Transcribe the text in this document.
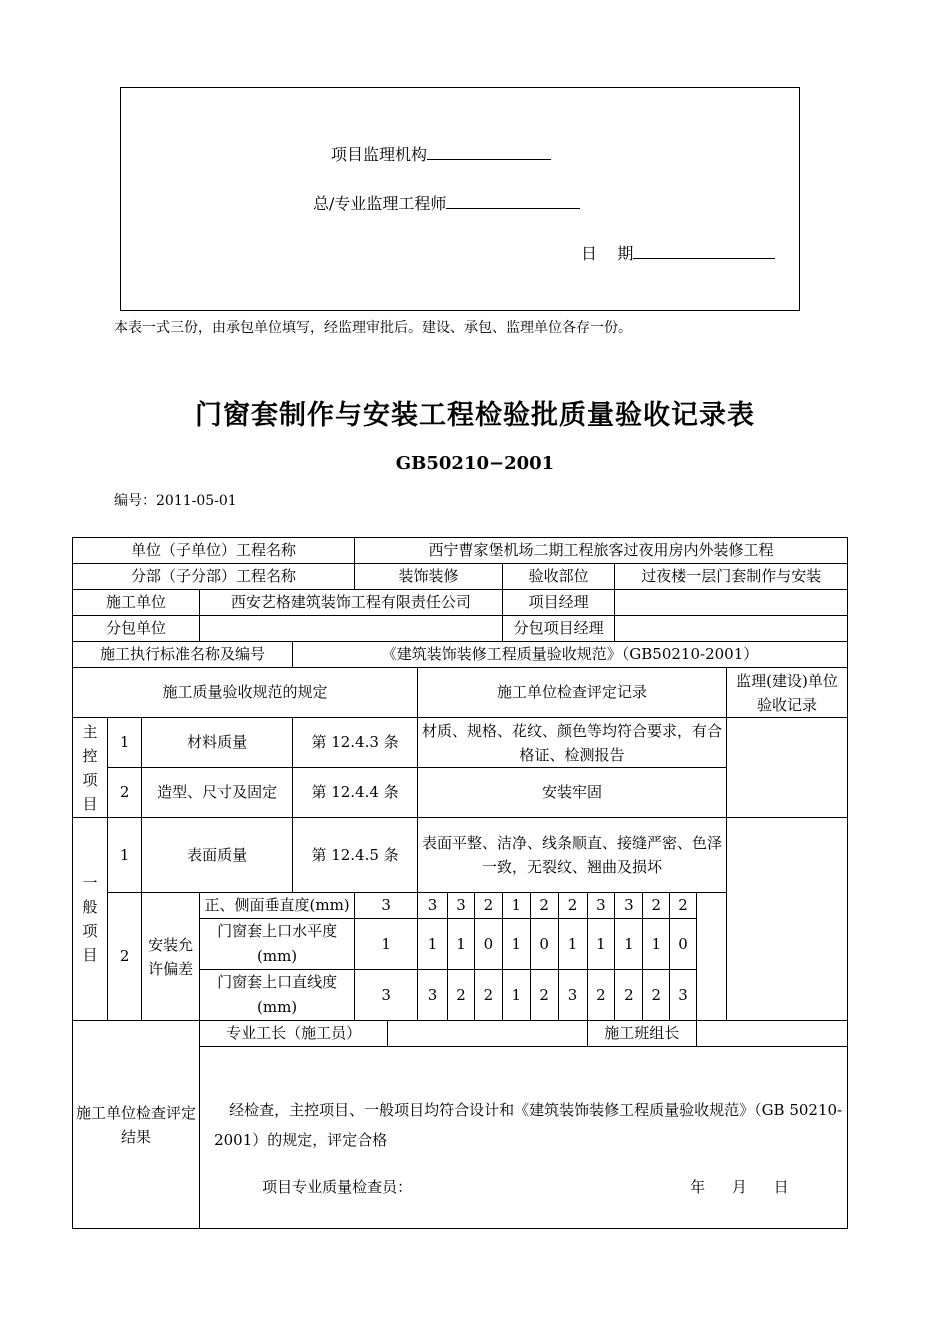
项目监理机构
总/专业监理工程师
日    期
本表一式三份，由承包单位填写，经监理审批后。建设、承包、监理单位各存一份。
门窗套制作与安装工程检验批质量验收记录表
GB50210−2001
编号：2011-05-01
单位（子单位）工程名称					西宁曹家堡机场二期工程旅客过夜用房内外装修工程													
分部（子分部）工程名称					装饰装修					验收部位				过夜楼一层门套制作与安装				
施工单位			西安艺格建筑装饰工程有限责任公司							项目经理								
分包单位										分包项目经理								
施工执行标准名称及编号				《建筑装饰装修工程质量验收规范》（GB50210-2001）														
施工质量验收规范的规定							施工单位检查评定记录											监理(建设)单位验收记录
主控项目	1	材料质量		第 12.4.3 条			材质、规格、花纹、颜色等均符合要求，有合格证、检测报告											
	2	造型、尺寸及固定		第 12.4.4 条			安装牢固											
一般项目	1	表面质量		第 12.4.5 条			表面平整、洁净、线条顺直、接缝严密、色泽一致，无裂纹、翘曲及损坏											
	2	安装允许偏差	正、侧面垂直度(mm)		3		3	3	2	1	2	2	3	3	2	2		
			门窗套上口水平度(mm)		1		1	1	0	1	0	1	1	1	1	0		
			门窗套上口直线度(mm)		3		3	2	2	1	2	3	2	2	2	3		
施工单位检查评定结果			专业工长（施工员）										施工班组长					

			经检查，主控项目、一般项目均符合设计和《建筑装饰装修工程质量验收规范》（GB 50210-2001）的规定，评定合格
项目专业质量检查员： 年 月 日															
